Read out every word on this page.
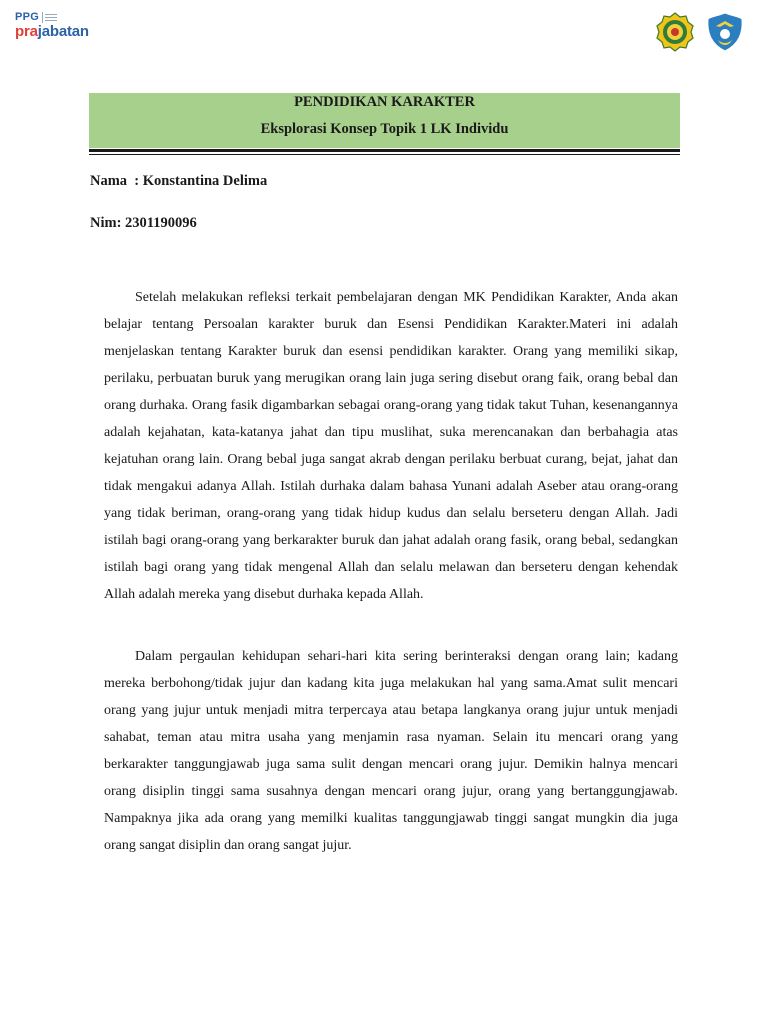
PPG
prajabatan
PENDIDIKAN KARAKTER
Eksplorasi Konsep Topik 1 LK Individu
Nama  : Konstantina Delima
Nim: 2301190096

Setelah melakukan refleksi terkait pembelajaran dengan MK Pendidikan Karakter, Anda akan belajar tentang Persoalan karakter buruk dan Esensi Pendidikan Karakter.Materi ini adalah menjelaskan tentang Karakter buruk dan esensi pendidikan karakter. Orang yang memiliki sikap, perilaku, perbuatan buruk yang merugikan orang lain juga sering disebut orang faik, orang bebal dan orang durhaka. Orang fasik digambarkan sebagai orang-orang yang tidak takut Tuhan, kesenangannya adalah kejahatan, kata-katanya jahat dan tipu muslihat, suka merencanakan dan berbahagia atas kejatuhan orang lain. Orang bebal juga sangat akrab dengan perilaku berbuat curang, bejat, jahat dan tidak mengakui adanya Allah. Istilah durhaka dalam bahasa Yunani adalah Aseber atau orang-orang yang tidak beriman, orang-orang yang tidak hidup kudus dan selalu berseteru dengan Allah. Jadi istilah bagi orang-orang yang berkarakter buruk dan jahat adalah orang fasik, orang bebal, sedangkan istilah bagi orang yang tidak mengenal Allah dan selalu melawan dan berseteru dengan kehendak Allah adalah mereka yang disebut durhaka kepada Allah.

Dalam pergaulan kehidupan sehari-hari kita sering berinteraksi dengan orang lain; kadang mereka berbohong/tidak jujur dan kadang kita juga melakukan hal yang sama.Amat sulit mencari orang yang jujur untuk menjadi mitra terpercaya atau betapa langkanya orang jujur untuk menjadi sahabat, teman atau mitra usaha yang menjamin rasa nyaman. Selain itu mencari orang yang berkarakter tanggungjawab juga sama sulit dengan mencari orang jujur. Demikin halnya mencari orang disiplin tinggi sama susahnya dengan mencari orang jujur, orang yang bertanggungjawab. Nampaknya jika ada orang yang memilki kualitas tanggungjawab tinggi sangat mungkin dia juga orang sangat disiplin dan orang sangat jujur.
